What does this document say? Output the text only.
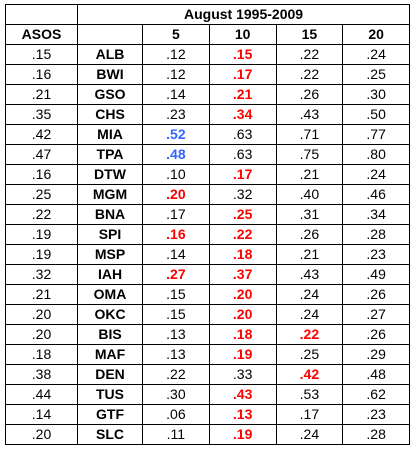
	August 1995-2009				
ASOS		5	10	15	20
.15	ALB	.12	.15	.22	.24
.16	BWI	.12	.17	.22	.25
.21	GSO	.14	.21	.26	.30
.35	CHS	.23	.34	.43	.50
.42	MIA	.52	.63	.71	.77
.47	TPA	.48	.63	.75	.80
.16	DTW	.10	.17	.21	.24
.25	MGM	.20	.32	.40	.46
.22	BNA	.17	.25	.31	.34
.19	SPI	.16	.22	.26	.28
.19	MSP	.14	.18	.21	.23
.32	IAH	.27	.37	.43	.49
.21	OMA	.15	.20	.24	.26
.20	OKC	.15	.20	.24	.27
.20	BIS	.13	.18	.22	.26
.18	MAF	.13	.19	.25	.29
.38	DEN	.22	.33	.42	.48
.44	TUS	.30	.43	.53	.62
.14	GTF	.06	.13	.17	.23
.20	SLC	.11	.19	.24	.28
